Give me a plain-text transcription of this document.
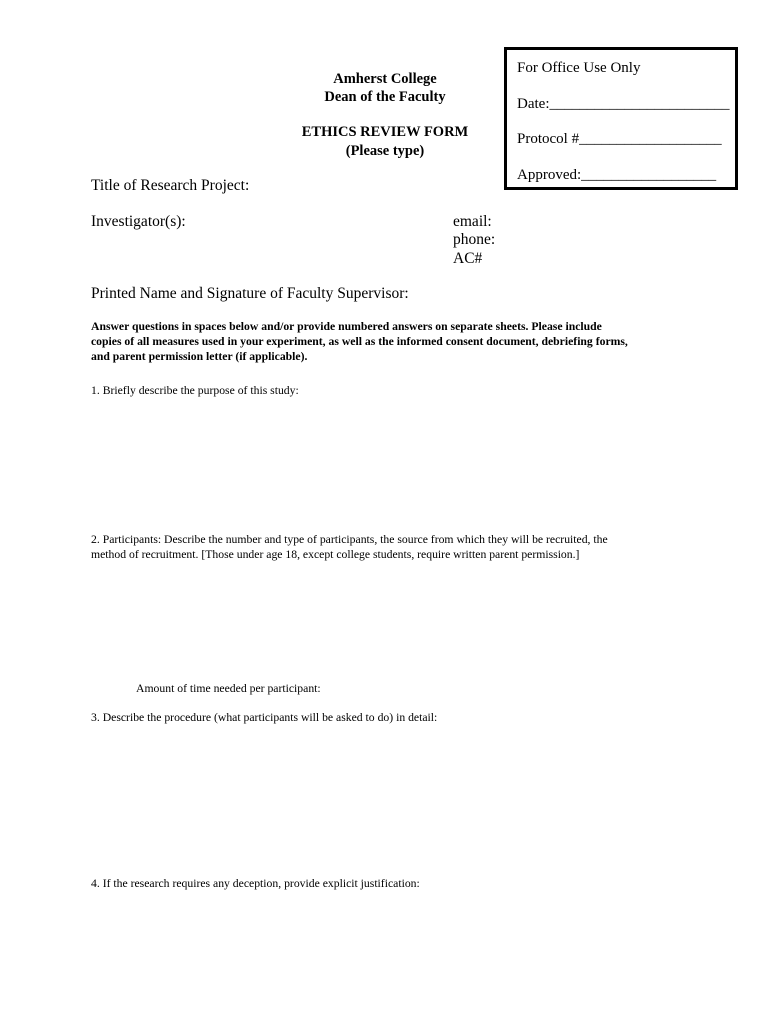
For Office Use Only
Date:________________________
Protocol #___________________
Approved:__________________
Amherst College
Dean of the Faculty
ETHICS REVIEW FORM
(Please type)
Title of Research Project:
Investigator(s):	email:
phone:
AC#
Printed Name and Signature of Faculty Supervisor:
Answer questions in spaces below and/or provide numbered answers on separate sheets. Please include
copies of all measures used in your experiment, as well as the informed consent document, debriefing forms,
and parent permission letter (if applicable).
1. Briefly describe the purpose of this study:
2. Participants: Describe the number and type of participants, the source from which they will be recruited, the
method of recruitment. [Those under age 18, except college students, require written parent permission.]
Amount of time needed per participant:
3. Describe the procedure (what participants will be asked to do) in detail:
4. If the research requires any deception, provide explicit justification:
